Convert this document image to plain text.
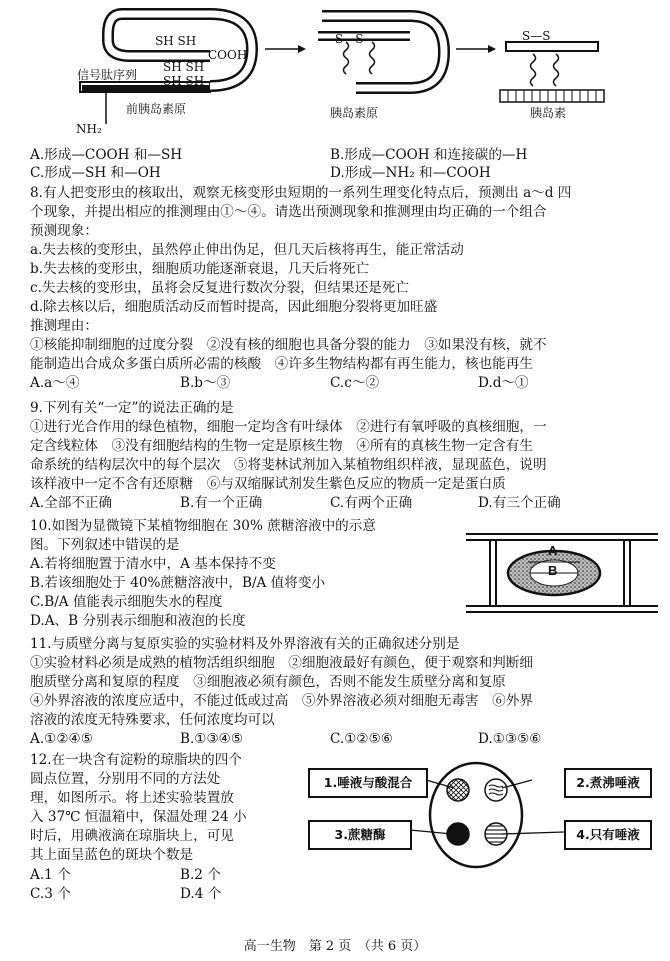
SH SH
COOH
SH SH
SH SH
信号肽序列
NH₂
前胰岛素原
S—S
胰岛素原
S—S
胰岛素
A.形成—COOH 和—SH	B.形成—COOH 和连接碳的—H
C.形成—SH 和—OH	D.形成—NH₂ 和—COOH
8.有人把变形虫的核取出，观察无核变形虫短期的一系列生理变化特点后，预测出 a～d 四
个现象，并提出相应的推测理由①～④。请选出预测现象和推测理由均正确的一个组合
预测现象：
a.失去核的变形虫，虽然停止伸出伪足，但几天后核将再生，能正常活动
b.失去核的变形虫，细胞质功能逐渐衰退，几天后将死亡
c.失去核的变形虫，虽将会反复进行数次分裂，但结果还是死亡
d.除去核以后，细胞质活动反而暂时提高，因此细胞分裂将更加旺盛
推测理由：
①核能抑制细胞的过度分裂　②没有核的细胞也具备分裂的能力　③如果没有核，就不
能制造出合成众多蛋白质所必需的核酸　④许多生物结构都有再生能力，核也能再生
A.a～④	B.b～③	C.c～②	D.d～①
9.下列有关“一定”的说法正确的是
①进行光合作用的绿色植物，细胞一定均含有叶绿体　②进行有氧呼吸的真核细胞，一
定含线粒体　③没有细胞结构的生物一定是原核生物　④所有的真核生物一定含有生
命系统的结构层次中的每个层次　⑤将斐林试剂加入某植物组织样液，显现蓝色，说明
该样液中一定不含有还原糖　⑥与双缩脲试剂发生紫色反应的物质一定是蛋白质
A.全部不正确	B.有一个正确	C.有两个正确	D.有三个正确
10.如图为显微镜下某植物细胞在 30% 蔗糖溶液中的示意
图。下列叙述中错误的是
A.若将细胞置于清水中，A 基本保持不变
B.若该细胞处于 40%蔗糖溶液中，B/A 值将变小
C.B/A 值能表示细胞失水的程度
D.A、B 分别表示细胞和液泡的长度
A
B
11.与质壁分离与复原实验的实验材料及外界溶液有关的正确叙述分别是
①实验材料必须是成熟的植物活组织细胞　②细胞液最好有颜色，便于观察和判断细
胞质壁分离和复原的程度　③细胞液必须有颜色，否则不能发生质壁分离和复原
④外界溶液的浓度应适中，不能过低或过高　⑤外界溶液必须对细胞无毒害　⑥外界
溶液的浓度无特殊要求，任何浓度均可以
A.①②④⑤	B.①③④⑤	C.①②⑤⑥	D.①③⑤⑥
12.在一块含有淀粉的琼脂块的四个
圆点位置，分别用不同的方法处
理，如图所示。将上述实验装置放
入 37℃ 恒温箱中，保温处理 24 小
时后，用碘液滴在琼脂块上，可见
其上面呈蓝色的斑块个数是
A.1 个	B.2 个
C.3 个	D.4 个
1.唾液与酸混合	2.煮沸唾液
3.蔗糖酶	4.只有唾液
高一生物　第 2 页　（共 6 页）
